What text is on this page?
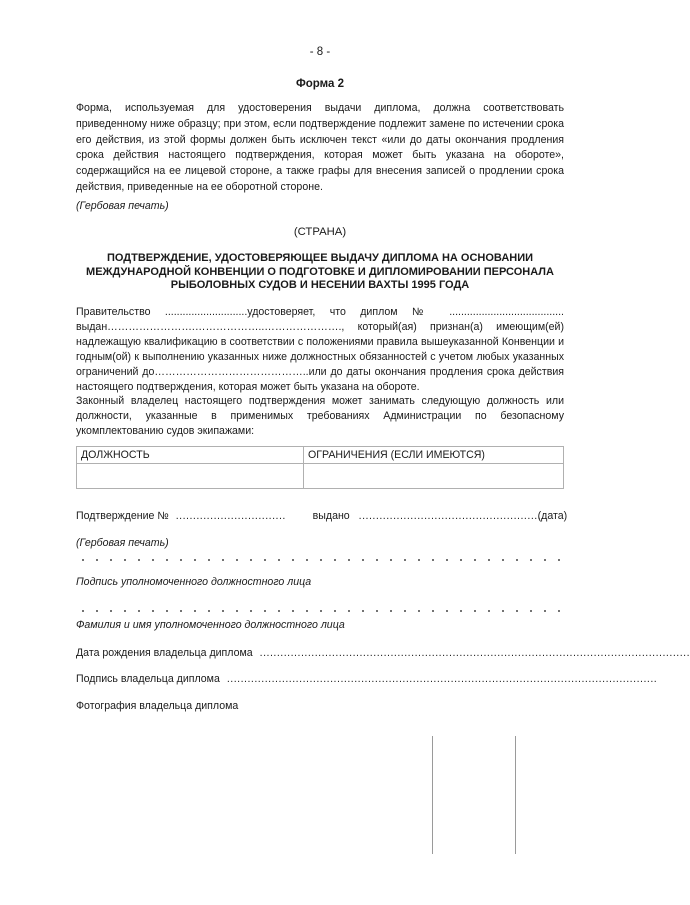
- 8 -
Форма 2
Форма, используемая для удостоверения выдачи диплома, должна соответствовать приведенному ниже образцу; при этом, если подтверждение подлежит замене по истечении срока его действия, из этой формы должен быть исключен текст «или до даты окончания продления срока действия настоящего подтверждения, которая может быть указана на обороте», содержащийся на ее лицевой стороне, а также графы для внесения записей о продлении срока действия, приведенные на ее оборотной стороне.
(Гербовая печать)
(СТРАНА)
ПОДТВЕРЖДЕНИЕ, УДОСТОВЕРЯЮЩЕЕ ВЫДАЧУ ДИПЛОМА НА ОСНОВАНИИ МЕЖДУНАРОДНОЙ КОНВЕНЦИИ О ПОДГОТОВКЕ И ДИПЛОМИРОВАНИИ ПЕРСОНАЛА РЫБОЛОВНЫХ СУДОВ И НЕСЕНИИ ВАХТЫ 1995 ГОДА

Правительство ............................удостоверяет, что диплом № ....................................... выдан…………………….………………..…………………., который(ая) признан(а) имеющим(ей) надлежащую квалификацию в соответствии с положениями правила вышеуказанной Конвенции и годным(ой) к выполнению указанных ниже должностных обязанностей с учетом любых указанных ограничений до……………………………………..или до даты окончания продления срока действия настоящего подтверждения, которая может быть указана на обороте.

Законный владелец настоящего подтверждения может занимать следующую должность или должности, указанные в применимых требованиях Администрации по безопасному укомплектованию судов экипажами:

ДОЛЖНОСТЬ	ОГРАНИЧЕНИЯ (ЕСЛИ ИМЕЮТСЯ)

Подтверждение № ................................	выдано ...................................................... (дата)
(Гербовая печать)
Подпись уполномоченного должностного лица
Фамилия и имя уполномоченного должностного лица
Дата рождения владельца диплома .............................................................................................................................
Подпись владельца диплома .............................................................................................................................
Фотография владельца диплома
